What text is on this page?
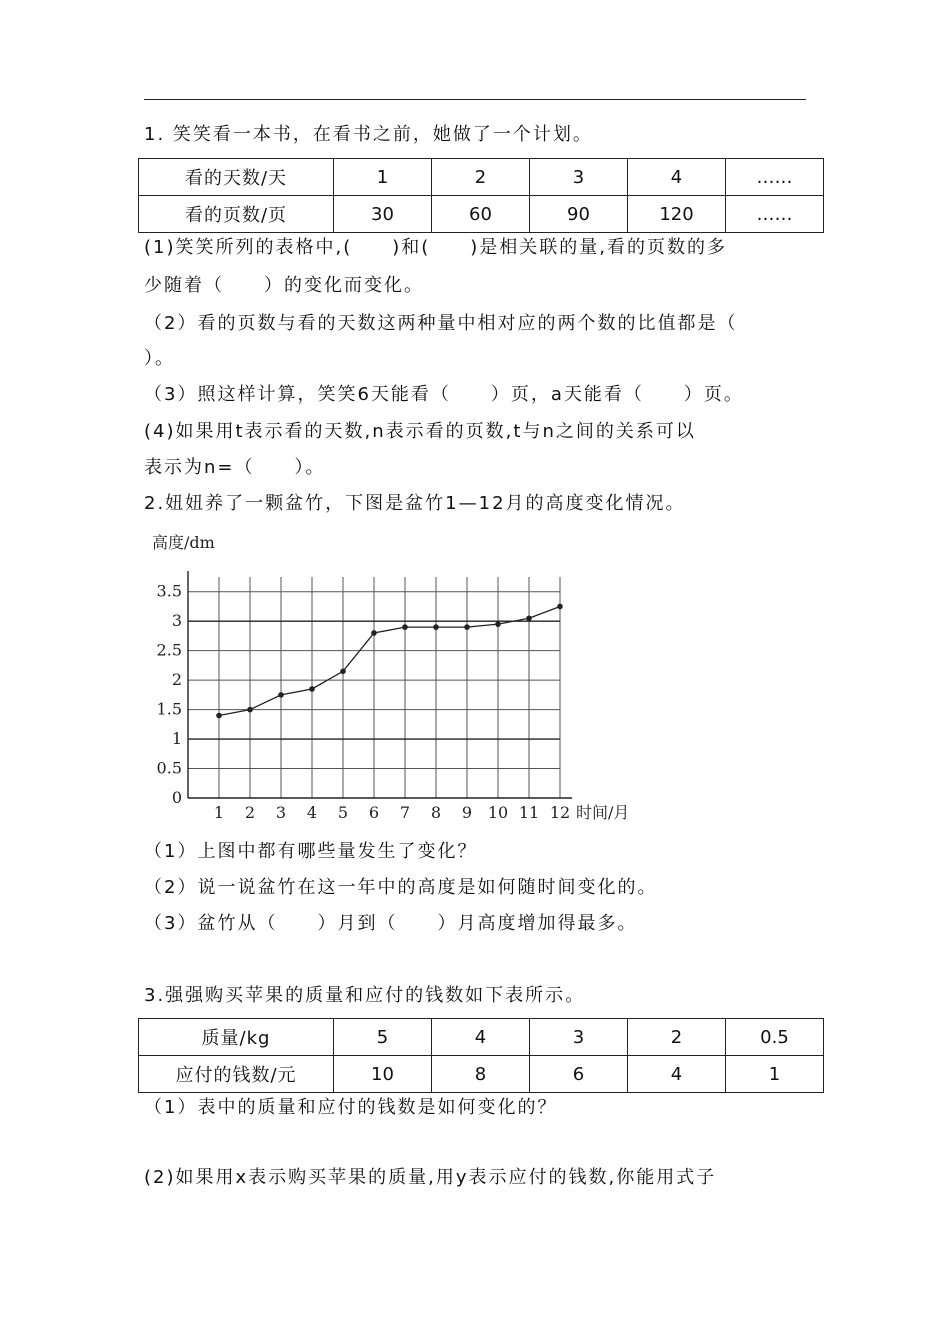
1. 笑笑看一本书，在看书之前，她做了一个计划。
看的天数/天	1	2	3	4	……
看的页数/页	30	60	90	120	……
(1)笑笑所列的表格中,(　　)和(　　)是相关联的量,看的页数的多
少随着（　　）的变化而变化。
（2）看的页数与看的天数这两种量中相对应的两个数的比值都是（
）。
（3）照这样计算，笑笑6天能看（　　）页，a天能看（　　）页。
(4)如果用t表示看的天数,n表示看的页数,t与n之间的关系可以
表示为n=（　　）。
2.妞妞养了一颗盆竹，下图是盆竹1—12月的高度变化情况。
高度/dm
0
0.5
1
1.5
2
2.5
3
3.5
1 2 3 4 5 6 7 8 9 10 11 12 时间/月
（1）上图中都有哪些量发生了变化？
（2）说一说盆竹在这一年中的高度是如何随时间变化的。
（3）盆竹从（　　）月到（　　）月高度增加得最多。
3.强强购买苹果的质量和应付的钱数如下表所示。
质量/kg	5	4	3	2	0.5
应付的钱数/元	10	8	6	4	1
（1）表中的质量和应付的钱数是如何变化的？
(2)如果用x表示购买苹果的质量,用y表示应付的钱数,你能用式子
